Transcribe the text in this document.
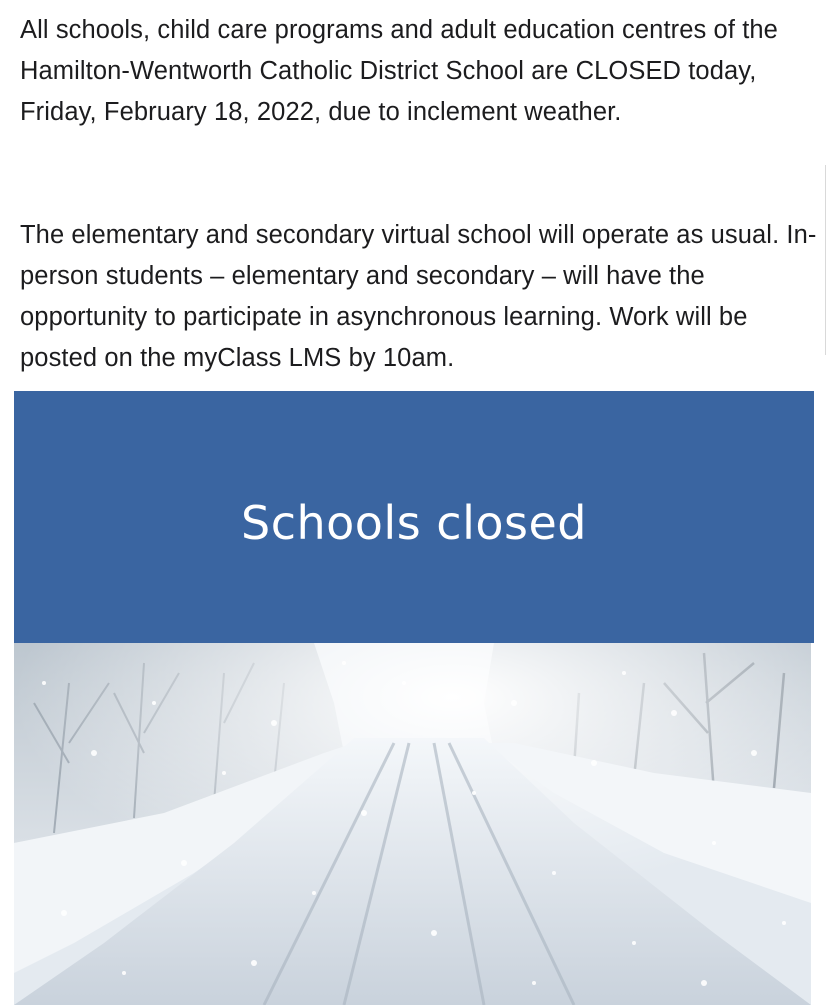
All schools, child care programs and adult education centres of the Hamilton-Wentworth Catholic District School are CLOSED today, Friday, February 18, 2022, due to inclement weather.
The elementary and secondary virtual school will operate as usual. In-person students – elementary and secondary – will have the opportunity to participate in asynchronous learning. Work will be posted on the myClass LMS by 10am.
Schools closed
